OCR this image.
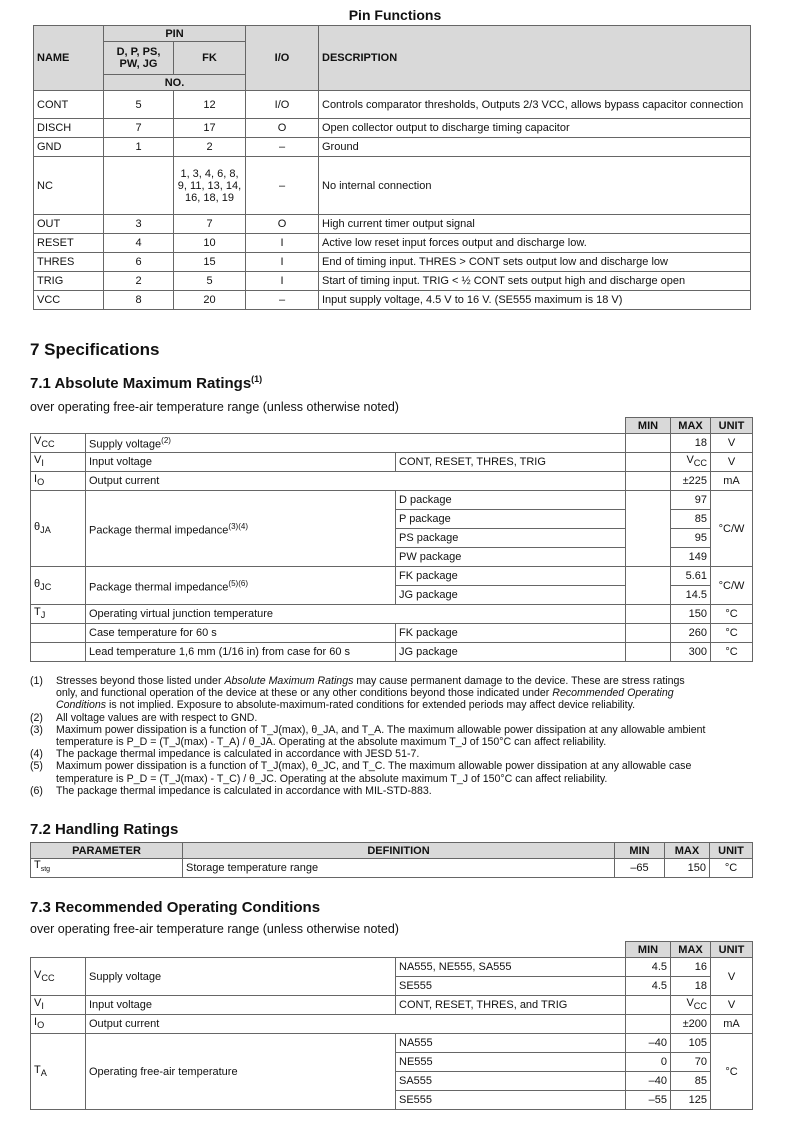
Pin Functions
NAME	PIN		I/O	DESCRIPTION
	D, P, PS, PW, JG	FK		
	NO.			
CONT	5	12	I/O	Controls comparator thresholds, Outputs 2/3 VCC, allows bypass capacitor connection
DISCH	7	17	O	Open collector output to discharge timing capacitor
GND	1	2	–	Ground
NC		1, 3, 4, 6, 8, 9, 11, 13, 14, 16, 18, 19	–	No internal connection
OUT	3	7	O	High current timer output signal
RESET	4	10	I	Active low reset input forces output and discharge low.
THRES	6	15	I	End of timing input. THRES > CONT sets output low and discharge low
TRIG	2	5	I	Start of timing input. TRIG < ½ CONT sets output high and discharge open
VCC	8	20	–	Input supply voltage, 4.5 V to 16 V. (SE555 maximum is 18 V)
7 Specifications
7.1 Absolute Maximum Ratings$^{(1)}$
over operating free-air temperature range (unless otherwise noted)
			MIN	MAX	UNIT
$V_{CC}$	Supply voltage$^{(2)}$			18	V
$V_I$	Input voltage	CONT, RESET, THRES, TRIG		$V_{CC}$	V
$I_O$	Output current			±225	mA
$\theta_{JA}$	Package thermal impedance$^{(3)(4)}$	D package		97	°C/W
		P package		85	
		PS package		95	
		PW package		149	
$\theta_{JC}$	Package thermal impedance$^{(5)(6)}$	FK package		5.61	°C/W
		JG package		14.5	
$T_J$	Operating virtual junction temperature			150	°C
	Case temperature for 60 s	FK package		260	°C
	Lead temperature 1,6 mm (1/16 in) from case for 60 s	JG package		300	°C
(1) Stresses beyond those listed under Absolute Maximum Ratings may cause permanent damage to the device. These are stress ratings
only, and functional operation of the device at these or any other conditions beyond those indicated under Recommended Operating
Conditions is not implied. Exposure to absolute-maximum-rated conditions for extended periods may affect device reliability.
(2) All voltage values are with respect to GND.
(3) Maximum power dissipation is a function of T_J(max), θ_JA, and T_A. The maximum allowable power dissipation at any allowable ambient
temperature is P_D = (T_J(max) - T_A) / θ_JA. Operating at the absolute maximum T_J of 150°C can affect reliability.
(4) The package thermal impedance is calculated in accordance with JESD 51-7.
(5) Maximum power dissipation is a function of T_J(max), θ_JC, and T_C. The maximum allowable power dissipation at any allowable case
temperature is P_D = (T_J(max) - T_C) / θ_JC. Operating at the absolute maximum T_J of 150°C can affect reliability.
(6) The package thermal impedance is calculated in accordance with MIL-STD-883.
7.2 Handling Ratings
PARAMETER	DEFINITION	MIN	MAX	UNIT
$T_{stg}$	Storage temperature range	–65	150	°C
7.3 Recommended Operating Conditions
over operating free-air temperature range (unless otherwise noted)
			MIN	MAX	UNIT
$V_{CC}$	Supply voltage	NA555, NE555, SA555	4.5	16	V
		SE555	4.5	18	
$V_I$	Input voltage	CONT, RESET, THRES, and TRIG		$V_{CC}$	V
$I_O$	Output current			±200	mA
$T_A$	Operating free-air temperature	NA555	–40	105	°C
		NE555	0	70	
		SA555	–40	85	
		SE555	–55	125	
